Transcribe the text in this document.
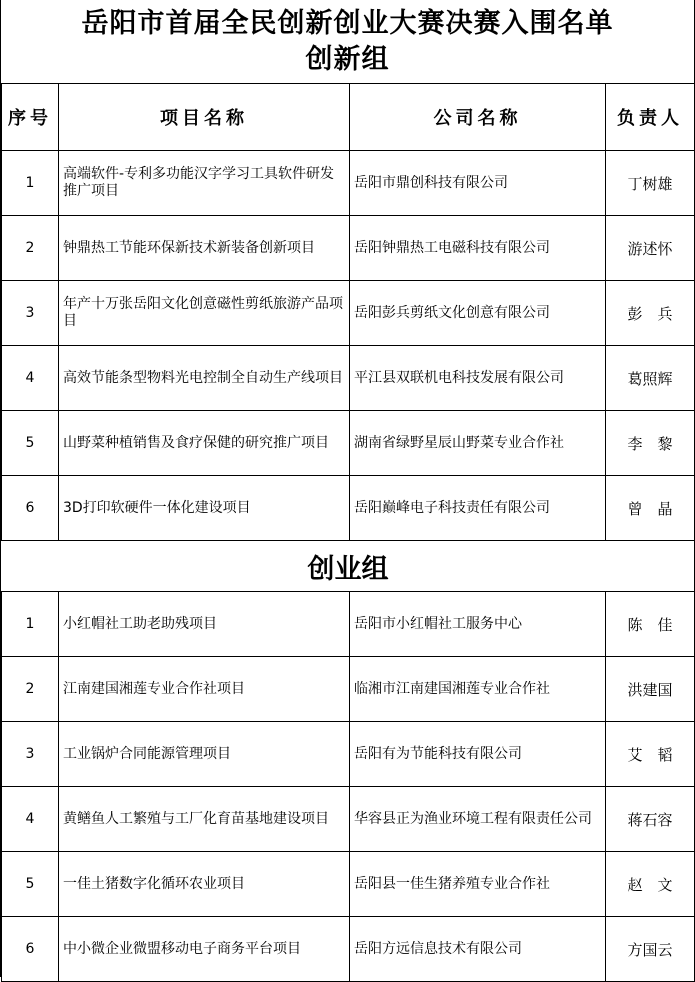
岳阳市首届全民创新创业大赛决赛入围名单
创新组
序号	项目名称	公司名称	负责人
1	高端软件-专利多功能汉字学习工具软件研发推广项目	岳阳市鼎创科技有限公司	丁树雄
2	钟鼎热工节能环保新技术新装备创新项目	岳阳钟鼎热工电磁科技有限公司	游述怀
3	年产十万张岳阳文化创意磁性剪纸旅游产品项目	岳阳彭兵剪纸文化创意有限公司	彭　兵
4	高效节能条型物料光电控制全自动生产线项目	平江县双联机电科技发展有限公司	葛照辉
5	山野菜种植销售及食疗保健的研究推广项目	湖南省绿野星辰山野菜专业合作社	李　黎
6	3D打印软硬件一体化建设项目	岳阳巅峰电子科技责任有限公司	曾　晶
创业组			
1	小红帽社工助老助残项目	岳阳市小红帽社工服务中心	陈　佳
2	江南建国湘莲专业合作社项目	临湘市江南建国湘莲专业合作社	洪建国
3	工业锅炉合同能源管理项目	岳阳有为节能科技有限公司	艾　韬
4	黄鳝鱼人工繁殖与工厂化育苗基地建设项目	华容县正为渔业环境工程有限责任公司	蒋石容
5	一佳土猪数字化循环农业项目	岳阳县一佳生猪养殖专业合作社	赵　文
6	中小微企业微盟移动电子商务平台项目	岳阳方远信息技术有限公司	方国云
